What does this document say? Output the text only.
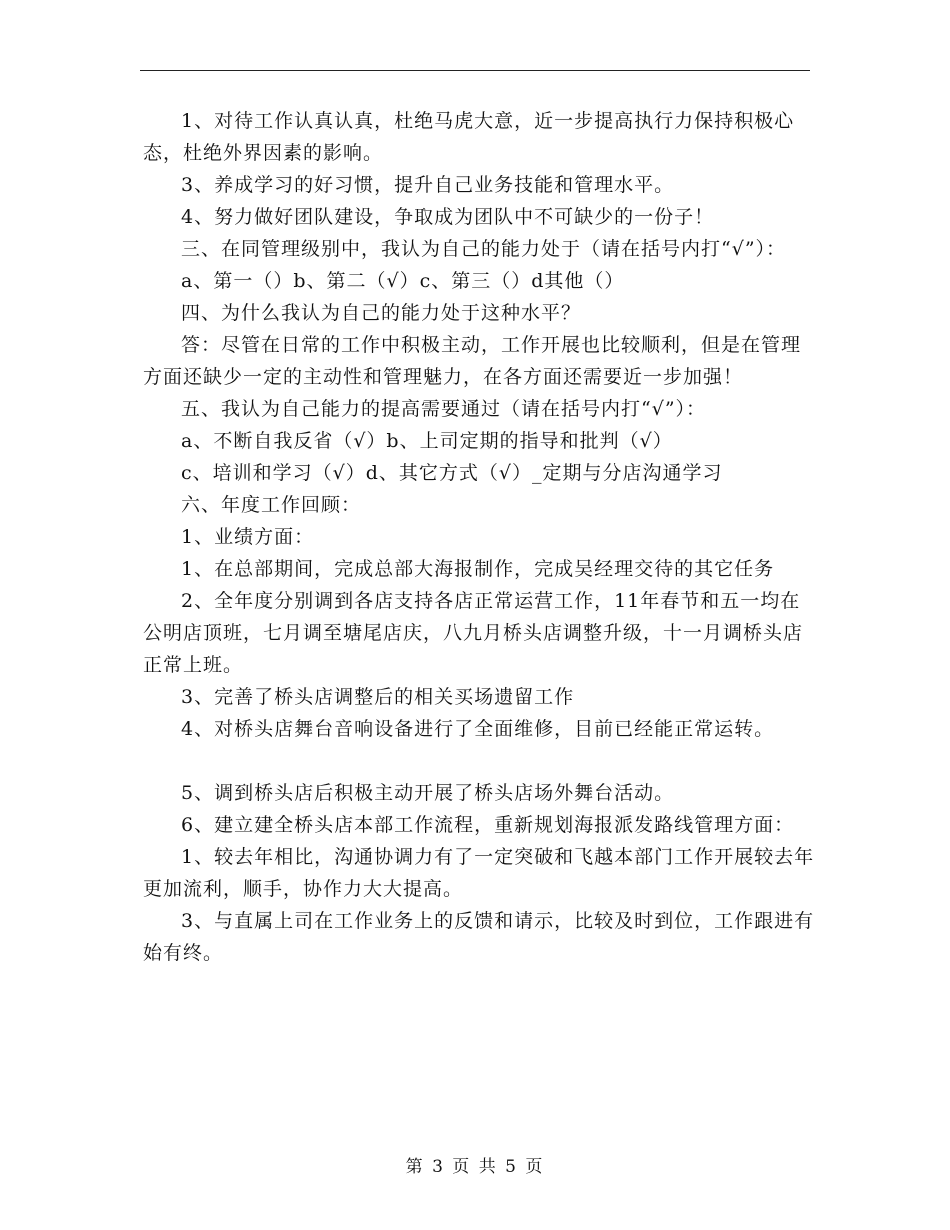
1、对待工作认真认真，杜绝马虎大意，近一步提高执行力保持积极心态，杜绝外界因素的影响。

3、养成学习的好习惯，提升自己业务技能和管理水平。

4、努力做好团队建设，争取成为团队中不可缺少的一份子！

三、在同管理级别中，我认为自己的能力处于（请在括号内打“√”）：

a、第一（）b、第二（√）c、第三（）d其他（）

四、为什么我认为自己的能力处于这种水平？

答：尽管在日常的工作中积极主动，工作开展也比较顺利，但是在管理方面还缺少一定的主动性和管理魅力，在各方面还需要近一步加强！

五、我认为自己能力的提高需要通过（请在括号内打“√”）：

a、不断自我反省（√）b、上司定期的指导和批判（√）

c、培训和学习（√）d、其它方式（√）_定期与分店沟通学习

六、年度工作回顾：

1、业绩方面：

1、在总部期间，完成总部大海报制作，完成吴经理交待的其它任务

2、全年度分别调到各店支持各店正常运营工作，11年春节和五一均在公明店顶班，七月调至塘尾店庆，八九月桥头店调整升级，十一月调桥头店正常上班。

3、完善了桥头店调整后的相关买场遗留工作

4、对桥头店舞台音响设备进行了全面维修，目前已经能正常运转。

5、调到桥头店后积极主动开展了桥头店场外舞台活动。

6、建立建全桥头店本部工作流程，重新规划海报派发路线管理方面：

1、较去年相比，沟通协调力有了一定突破和飞越本部门工作开展较去年更加流利，顺手，协作力大大提高。

3、与直属上司在工作业务上的反馈和请示，比较及时到位，工作跟进有始有终。

第 3 页 共 5 页
